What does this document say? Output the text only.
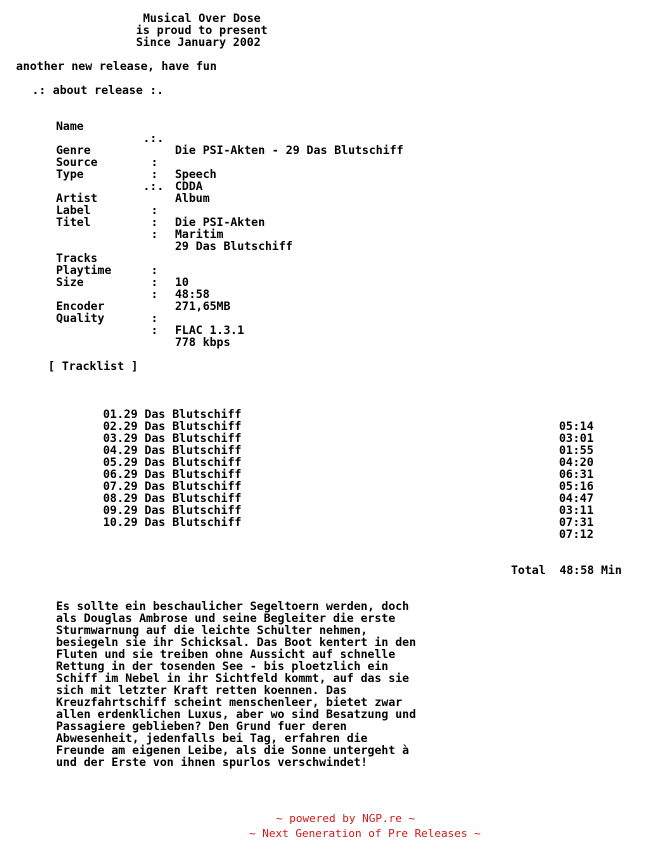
Musical Over Dose
is proud to present
Since January 2002
another new release, have fun
.: about release :.

Name

.:.

Die PSI-Akten - 29 Das Blutschiff

Genre

:

Speech

Source

:

CDDA

Type

.:.

Album

Artist

:

Die PSI-Akten

Label

:

Maritim

Titel

:

29 Das Blutschiff

Tracks

:

10

Playtime

:

48:58

Size

:

271,65MB

Encoder

:

FLAC 1.3.1

Quality

:

778 kbps

[ Tracklist ]

01.29 Das Blutschiff

05:14

02.29 Das Blutschiff

03:01

03.29 Das Blutschiff

01:55

04.29 Das Blutschiff

04:20

05.29 Das Blutschiff

06:31

06.29 Das Blutschiff

05:16

07.29 Das Blutschiff

04:47

08.29 Das Blutschiff

03:11

09.29 Das Blutschiff

07:31

10.29 Das Blutschiff

07:12

Total  48:58 Min

Es sollte ein beschaulicher Segeltoern werden, doch

als Douglas Ambrose und seine Begleiter die erste

Sturmwarnung auf die leichte Schulter nehmen,

besiegeln sie ihr Schicksal. Das Boot kentert in den

Fluten und sie treiben ohne Aussicht auf schnelle

Rettung in der tosenden See - bis ploetzlich ein

Schiff im Nebel in ihr Sichtfeld kommt, auf das sie

sich mit letzter Kraft retten koennen. Das

Kreuzfahrtschiff scheint menschenleer, bietet zwar

allen erdenklichen Luxus, aber wo sind Besatzung und

Passagiere geblieben? Den Grund fuer deren

Abwesenheit, jedenfalls bei Tag, erfahren die

Freunde am eigenen Leibe, als die Sonne untergeht à

und der Erste von ihnen spurlos verschwindet!

~ powered by NGP.re ~
~ Next Generation of Pre Releases ~
